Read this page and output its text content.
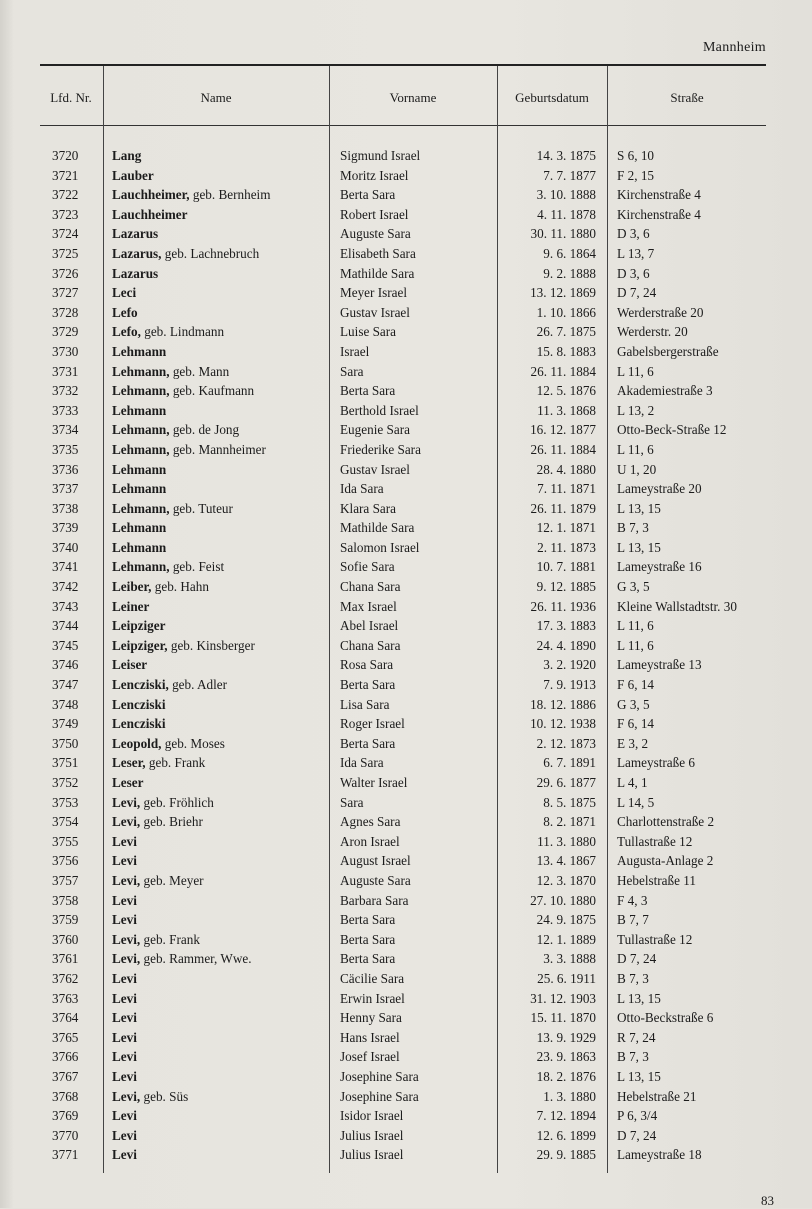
Mannheim
Lfd. Nr.	Name	Vorname	Geburtsdatum	Straße
3720	Lang	Sigmund Israel	14. 3. 1875 S 6, 10
3721	Lauber	Moritz Israel	7. 7. 1877 F 2, 15
3722	Lauchheimer, geb. Bernheim	Berta Sara	3. 10. 1888 Kirchenstraße 4
3723	Lauchheimer	Robert Israel	4. 11. 1878 Kirchenstraße 4
3724	Lazarus	Auguste Sara	30. 11. 1880 D 3, 6
3725	Lazarus, geb. Lachnebruch	Elisabeth Sara	9. 6. 1864 L 13, 7
3726	Lazarus	Mathilde Sara	9. 2. 1888 D 3, 6
3727	Leci	Meyer Israel	13. 12. 1869 D 7, 24
3728	Lefo	Gustav Israel	1. 10. 1866 Werderstraße 20
3729	Lefo, geb. Lindmann	Luise Sara	26. 7. 1875 Werderstr. 20
3730	Lehmann	Israel	15. 8. 1883 Gabelsbergerstraße
3731	Lehmann, geb. Mann	Sara	26. 11. 1884 L 11, 6
3732	Lehmann, geb. Kaufmann	Berta Sara	12. 5. 1876 Akademiestraße 3
3733	Lehmann	Berthold Israel	11. 3. 1868 L 13, 2
3734	Lehmann, geb. de Jong	Eugenie Sara	16. 12. 1877 Otto-Beck-Straße 12
3735	Lehmann, geb. Mannheimer	Friederike Sara	26. 11. 1884 L 11, 6
3736	Lehmann	Gustav Israel	28. 4. 1880 U 1, 20
3737	Lehmann	Ida Sara	7. 11. 1871 Lameystraße 20
3738	Lehmann, geb. Tuteur	Klara Sara	26. 11. 1879 L 13, 15
3739	Lehmann	Mathilde Sara	12. 1. 1871 B 7, 3
3740	Lehmann	Salomon Israel	2. 11. 1873 L 13, 15
3741	Lehmann, geb. Feist	Sofie Sara	10. 7. 1881 Lameystraße 16
3742	Leiber, geb. Hahn	Chana Sara	9. 12. 1885 G 3, 5
3743	Leiner	Max Israel	26. 11. 1936 Kleine Wallstadtstr. 30
3744	Leipziger	Abel Israel	17. 3. 1883 L 11, 6
3745	Leipziger, geb. Kinsberger	Chana Sara	24. 4. 1890 L 11, 6
3746	Leiser	Rosa Sara	3. 2. 1920 Lameystraße 13
3747	Lencziski, geb. Adler	Berta Sara	7. 9. 1913 F 6, 14
3748	Lencziski	Lisa Sara	18. 12. 1886 G 3, 5
3749	Lencziski	Roger Israel	10. 12. 1938 F 6, 14
3750	Leopold, geb. Moses	Berta Sara	2. 12. 1873 E 3, 2
3751	Leser, geb. Frank	Ida Sara	6. 7. 1891 Lameystraße 6
3752	Leser	Walter Israel	29. 6. 1877 L 4, 1
3753	Levi, geb. Fröhlich	Sara	8. 5. 1875 L 14, 5
3754	Levi, geb. Briehr	Agnes Sara	8. 2. 1871 Charlottenstraße 2
3755	Levi	Aron Israel	11. 3. 1880 Tullastraße 12
3756	Levi	August Israel	13. 4. 1867 Augusta-Anlage 2
3757	Levi, geb. Meyer	Auguste Sara	12. 3. 1870 Hebelstraße 11
3758	Levi	Barbara Sara	27. 10. 1880 F 4, 3
3759	Levi	Berta Sara	24. 9. 1875 B 7, 7
3760	Levi, geb. Frank	Berta Sara	12. 1. 1889 Tullastraße 12
3761	Levi, geb. Rammer, Wwe.	Berta Sara	3. 3. 1888 D 7, 24
3762	Levi	Cäcilie Sara	25. 6. 1911 B 7, 3
3763	Levi	Erwin Israel	31. 12. 1903 L 13, 15
3764	Levi	Henny Sara	15. 11. 1870 Otto-Beckstraße 6
3765	Levi	Hans Israel	13. 9. 1929 R 7, 24
3766	Levi	Josef Israel	23. 9. 1863 B 7, 3
3767	Levi	Josephine Sara	18. 2. 1876 L 13, 15
3768	Levi, geb. Süs	Josephine Sara	1. 3. 1880 Hebelstraße 21
3769	Levi	Isidor Israel	7. 12. 1894 P 6, 3/4
3770	Levi	Julius Israel	12. 6. 1899 D 7, 24
3771	Levi	Julius Israel	29. 9. 1885 Lameystraße 18
83
